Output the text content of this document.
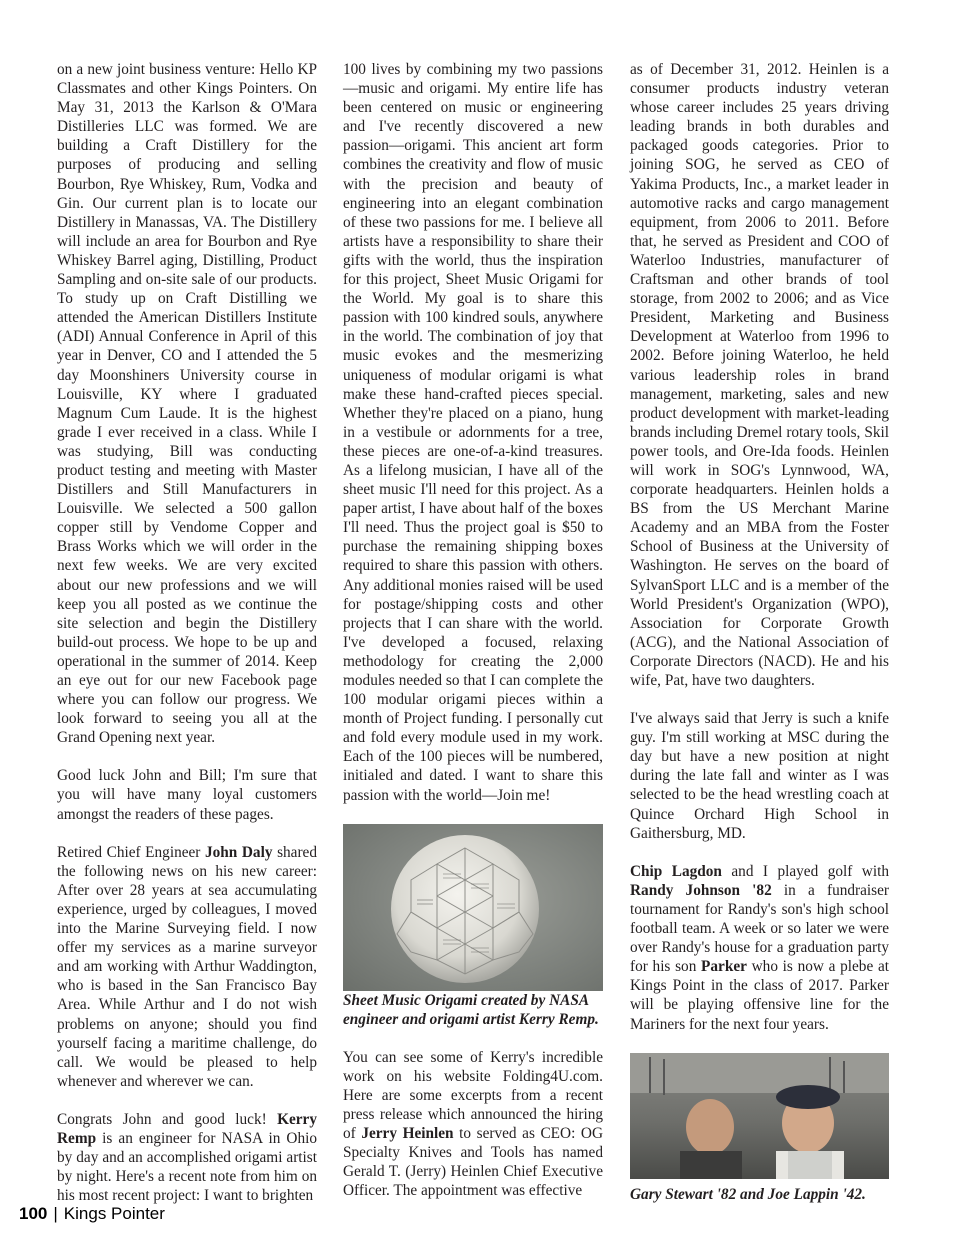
on a new joint business venture: Hello KP Classmates and other Kings Pointers. On May 31, 2013 the Karlson & O'Mara Distilleries LLC was formed. We are building a Craft Distillery for the purposes of producing and selling Bourbon, Rye Whiskey, Rum, Vodka and Gin. Our current plan is to locate our Distillery in Manassas, VA. The Distillery will include an area for Bourbon and Rye Whiskey Barrel aging, Distilling, Product Sampling and on-site sale of our products. To study up on Craft Distilling we attended the American Distillers Institute (ADI) Annual Conference in April of this year in Denver, CO and I attended the 5 day Moonshiners University course in Louisville, KY where I graduated Magnum Cum Laude. It is the highest grade I ever received in a class. While I was studying, Bill was conducting product testing and meeting with Master Distillers and Still Manufacturers in Louisville. We selected a 500 gallon copper still by Vendome Copper and Brass Works which we will order in the next few weeks. We are very excited about our new professions and we will keep you all posted as we continue the site selection and begin the Distillery build-out process. We hope to be up and operational in the summer of 2014. Keep an eye out for our new Facebook page where you can follow our progress. We look forward to seeing you all at the Grand Opening next year.

Good luck John and Bill; I'm sure that you will have many loyal customers amongst the readers of these pages.

Retired Chief Engineer John Daly shared the following news on his new career: After over 28 years at sea accumulating experience, urged by colleagues, I moved into the Marine Surveying field. I now offer my services as a marine surveyor and am working with Arthur Waddington, who is based in the San Francisco Bay Area. While Arthur and I do not wish problems on anyone; should you find yourself facing a maritime challenge, do call. We would be pleased to help whenever and wherever we can.

Congrats John and good luck! Kerry Remp is an engineer for NASA in Ohio by day and an accomplished origami artist by night. Here's a recent note from him on his most recent project: I want to brighten

100 lives by combining my two passions—music and origami. My entire life has been centered on music or engineering and I've recently discovered a new passion—origami. This ancient art form combines the creativity and flow of music with the precision and beauty of engineering into an elegant combination of these two passions for me. I believe all artists have a responsibility to share their gifts with the world, thus the inspiration for this project, Sheet Music Origami for the World. My goal is to share this passion with 100 kindred souls, anywhere in the world. The combination of joy that music evokes and the mesmerizing uniqueness of modular origami is what make these hand-crafted pieces special. Whether they're placed on a piano, hung in a vestibule or adornments for a tree, these pieces are one-of-a-kind treasures. As a lifelong musician, I have all of the sheet music I'll need for this project. As a paper artist, I have about half of the boxes I'll need. Thus the project goal is $50 to purchase the remaining shipping boxes required to share this passion with others. Any additional monies raised will be used for postage/shipping costs and other projects that I can share with the world. I've developed a focused, relaxing methodology for creating the 2,000 modules needed so that I can complete the 100 modular origami pieces within a month of Project funding. I personally cut and fold every module used in my work. Each of the 100 pieces will be numbered, initialed and dated. I want to share this passion with the world—Join me!

Sheet Music Origami created by NASA engineer and origami artist Kerry Remp.

You can see some of Kerry's incredible work on his website Folding4U.com. Here are some excerpts from a recent press release which announced the hiring of Jerry Heinlen to served as CEO: OG Specialty Knives and Tools has named Gerald T. (Jerry) Heinlen Chief Executive Officer. The appointment was effective

as of December 31, 2012. Heinlen is a consumer products industry veteran whose career includes 25 years driving leading brands in both durables and packaged goods categories. Prior to joining SOG, he served as CEO of Yakima Products, Inc., a market leader in automotive racks and cargo management equipment, from 2006 to 2011. Before that, he served as President and COO of Waterloo Industries, manufacturer of Craftsman and other brands of tool storage, from 2002 to 2006; and as Vice President, Marketing and Business Development at Waterloo from 1996 to 2002. Before joining Waterloo, he held various leadership roles in brand management, marketing, sales and new product development with market-leading brands including Dremel rotary tools, Skil power tools, and Ore-Ida foods. Heinlen will work in SOG's Lynnwood, WA, corporate headquarters. Heinlen holds a BS from the US Merchant Marine Academy and an MBA from the Foster School of Business at the University of Washington. He serves on the board of SylvanSport LLC and is a member of the World President's Organization (WPO), Association for Corporate Growth (ACG), and the National Association of Corporate Directors (NACD). He and his wife, Pat, have two daughters.

I've always said that Jerry is such a knife guy. I'm still working at MSC during the day but have a new position at night during the late fall and winter as I was selected to be the head wrestling coach at Quince Orchard High School in Gaithersburg, MD.

Chip Lagdon and I played golf with Randy Johnson '82 in a fundraiser tournament for Randy's son's high school football team. A week or so later we were over Randy's house for a graduation party for his son Parker who is now a plebe at Kings Point in the class of 2017. Parker will be playing offensive line for the Mariners for the next four years.

Gary Stewart '82 and Joe Lappin '42.

100 | Kings Pointer
